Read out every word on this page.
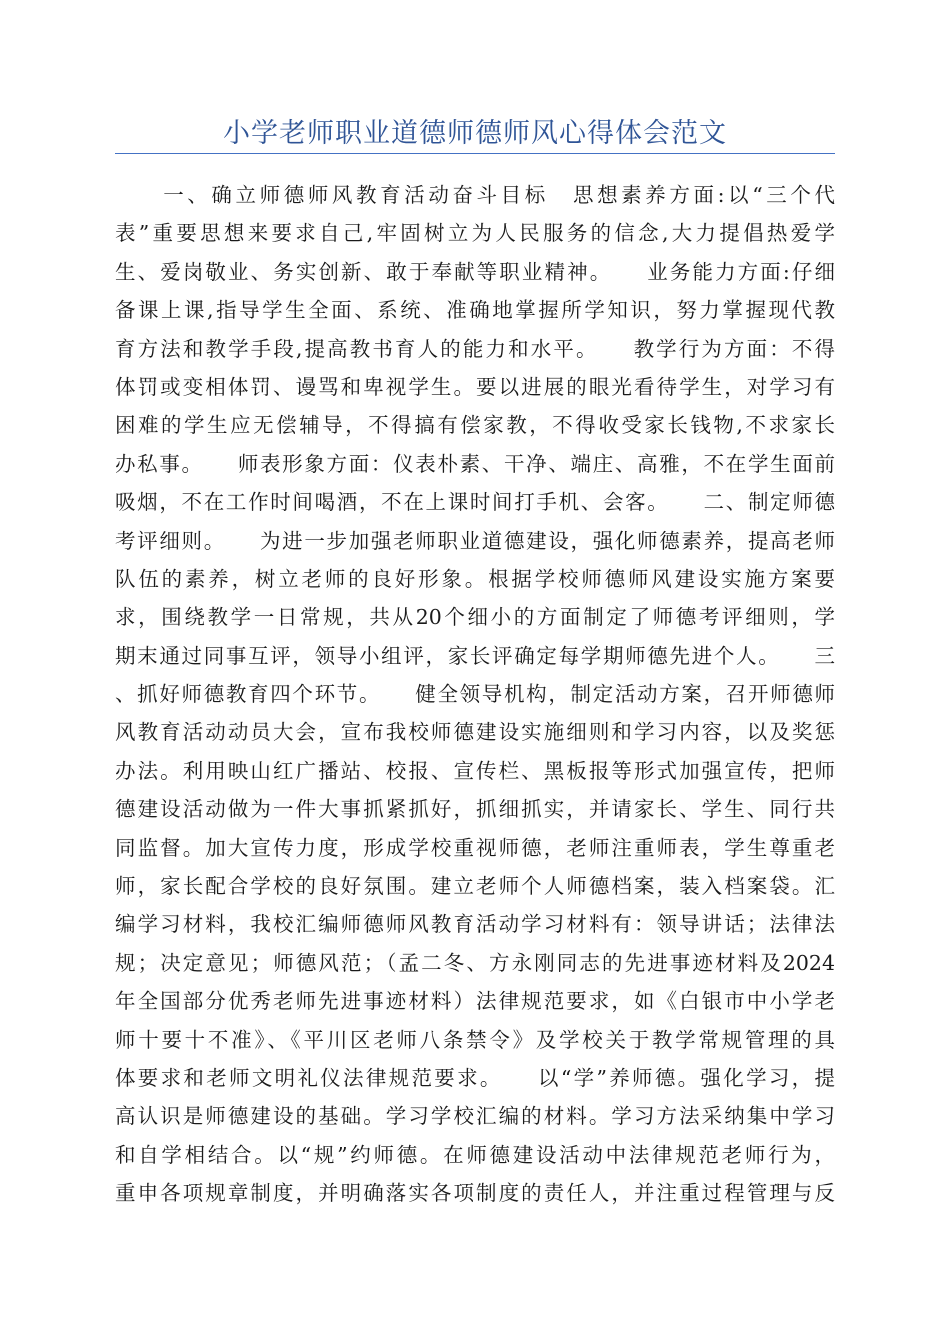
小学老师职业道德师德师风心得体会范文
　　一、确立师德师风教育活动奋斗目标　思想素养方面:以“三个代
表”重要思想来要求自己,牢固树立为人民服务的信念,大力提倡热爱学
生、爱岗敬业、务实创新、敢于奉献等职业精神。　　业务能力方面:仔细
备课上课,指导学生全面、系统、准确地掌握所学知识，努力掌握现代教
育方法和教学手段,提高教书育人的能力和水平。　　教学行为方面：不得
体罚或变相体罚、谩骂和卑视学生。要以进展的眼光看待学生，对学习有
困难的学生应无偿辅导，不得搞有偿家教，不得收受家长钱物,不求家长
办私事。　　师表形象方面：仪表朴素、干净、端庄、高雅，不在学生面前
吸烟，不在工作时间喝酒，不在上课时间打手机、会客。　　二、制定师德
考评细则。　　为进一步加强老师职业道德建设，强化师德素养，提高老师
队伍的素养，树立老师的良好形象。根据学校师德师风建设实施方案要
求，围绕教学一日常规，共从20个细小的方面制定了师德考评细则，学
期末通过同事互评，领导小组评，家长评确定每学期师德先进个人。　　三
、抓好师德教育四个环节。　　健全领导机构，制定活动方案，召开师德师
风教育活动动员大会，宣布我校师德建设实施细则和学习内容，以及奖惩
办法。利用映山红广播站、校报、宣传栏、黑板报等形式加强宣传，把师
德建设活动做为一件大事抓紧抓好，抓细抓实，并请家长、学生、同行共
同监督。加大宣传力度，形成学校重视师德，老师注重师表，学生尊重老
师，家长配合学校的良好氛围。建立老师个人师德档案，装入档案袋。汇
编学习材料，我校汇编师德师风教育活动学习材料有：领导讲话；法律法
规；决定意见；师德风范；（孟二冬、方永刚同志的先进事迹材料及2024
年全国部分优秀老师先进事迹材料）法律规范要求，如《白银市中小学老
师十要十不准》、《平川区老师八条禁令》及学校关于教学常规管理的具
体要求和老师文明礼仪法律规范要求。　　以“学”养师德。强化学习，提
高认识是师德建设的基础。学习学校汇编的材料。学习方法采纳集中学习
和自学相结合。以“规”约师德。在师德建设活动中法律规范老师行为，
重申各项规章制度，并明确落实各项制度的责任人，并注重过程管理与反
